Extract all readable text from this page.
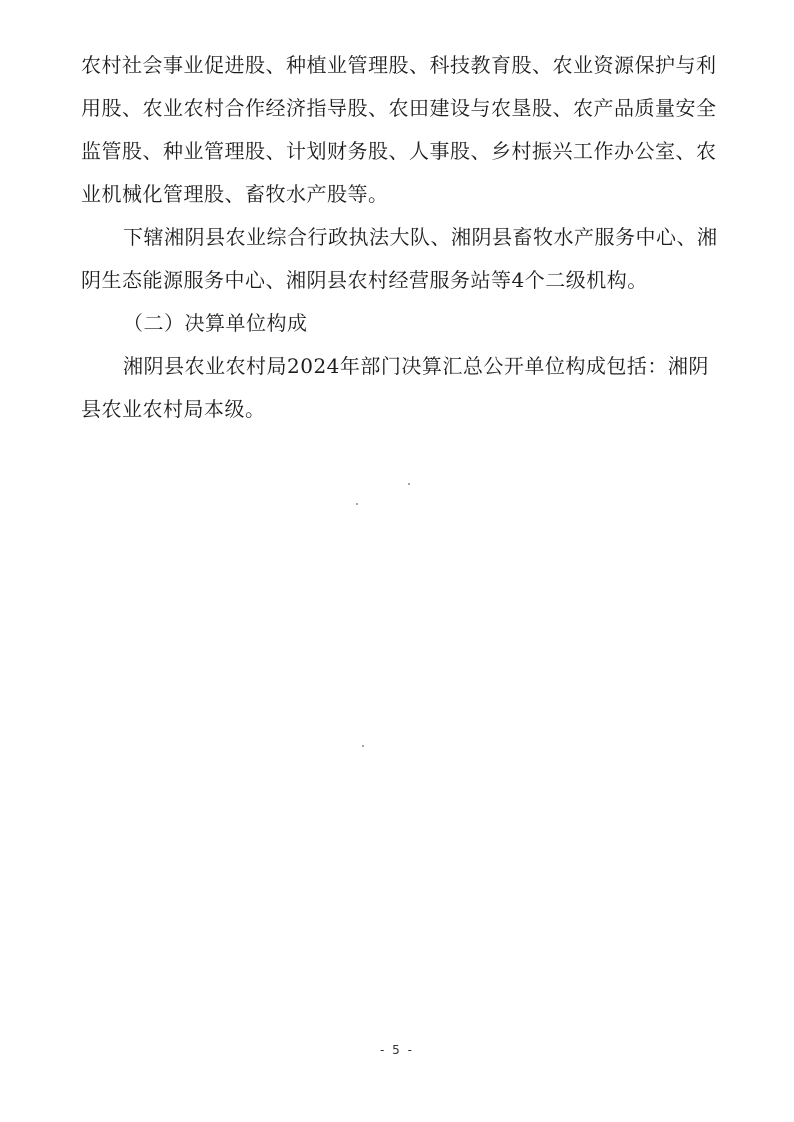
农村社会事业促进股、种植业管理股、科技教育股、农业资源保护与利用股、农业农村合作经济指导股、农田建设与农垦股、农产品质量安全监管股、种业管理股、计划财务股、人事股、乡村振兴工作办公室、农业机械化管理股、畜牧水产股等。

下辖湘阴县农业综合行政执法大队、湘阴县畜牧水产服务中心、湘阴生态能源服务中心、湘阴县农村经营服务站等4个二级机构。

（二）决算单位构成

湘阴县农业农村局2024年部门决算汇总公开单位构成包括：湘阴县农业农村局本级。

- 5 -
